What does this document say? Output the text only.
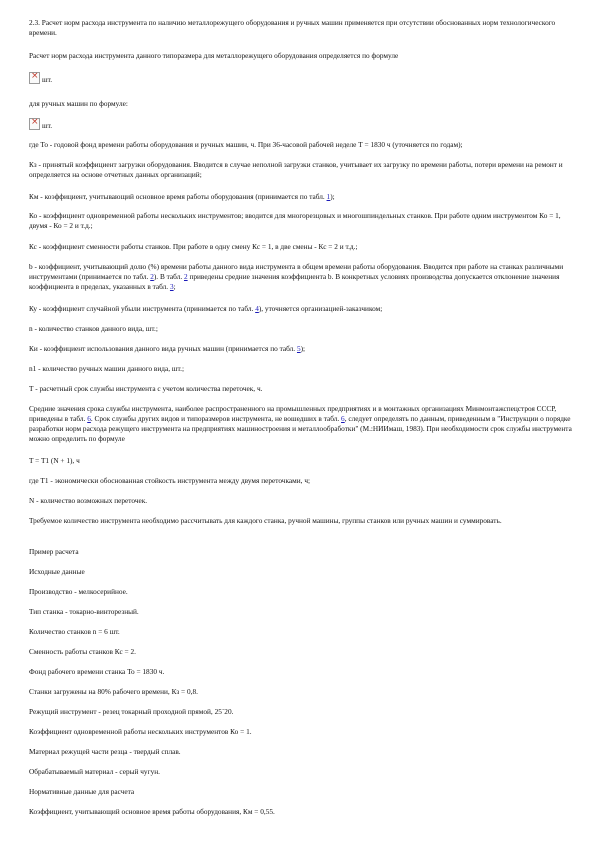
2.3. Расчет норм расхода инструмента по наличию металлорежущего оборудования и ручных машин применяется при отсутствии обоснованных норм технологического времени.

Расчет норм расхода инструмента данного типоразмера для металлорежущего оборудования определяется по формуле

×шт.

для ручных машин по формуле:

×шт.

где То - годовой фонд времени работы оборудования и ручных машин, ч. При 36-часовой рабочей неделе Т = 1830 ч (уточняется по годам);

Кз - принятый коэффициент загрузки оборудования. Вводится в случае неполной загрузки станков, учитывает их загрузку по времени работы, потери времени на ремонт и определяется на основе отчетных данных организаций;

Км - коэффициент, учитывающий основное время работы оборудования (принимается по табл. 1);

Ко - коэффициент одновременной работы нескольких инструментов; вводится для многорезцовых и многошпиндельных станков. При работе одним инструментом Ко = 1, двумя - Ко = 2 и т.д.;

Кс - коэффициент сменности работы станков. При работе в одну смену Кс = 1, в две смены - Кс = 2 и т.д.;

b - коэффициент, учитывающий долю (%) времени работы данного вида инструмента в общем времени работы оборудования. Вводится при работе на станках различными инструментами (принимается по табл. 2). В табл. 2 приведены средние значения коэффициента b. В конкретных условиях производства допускается отклонение значения коэффициента в пределах, указанных в табл. 3;

Ку - коэффициент случайной убыли инструмента (принимается по табл. 4), уточняется организацией-заказчиком;

n - количество станков данного вида, шт.;

Ки - коэффициент использования данного вида ручных машин (принимается по табл. 5);

n1 - количество ручных машин данного вида, шт.;

Т - расчетный срок службы инструмента с учетом количества переточек, ч.

Средние значения срока службы инструмента, наиболее распространенного на промышленных предприятиях и в монтажных организациях Минмонтажспецстроя СССР, приведены в табл. 6. Срок службы других видов и типоразмеров инструмента, не вошедших в табл. 6, следует определять по данным, приведенным в "Инструкции о порядке разработки норм расхода режущего инструмента на предприятиях машиностроения и металлообработки" (М.:НИИмаш, 1983). При необходимости срок службы инструмента можно определить по формуле

T = T1 (N + 1), ч

где Т1 - экономически обоснованная стойкость инструмента между двумя переточками, ч;

N - количество возможных переточек.

Требуемое количество инструмента необходимо рассчитывать для каждого станка, ручной машины, группы станков или ручных машин и суммировать.

Пример расчета

Исходные данные

Производство - мелкосерийное.

Тип станка - токарно-винторезный.

Количество станков n = 6 шт.

Сменность работы станков Кс = 2.

Фонд рабочего времени станка То = 1830 ч.

Станки загружены на 80% рабочего времени, Кз = 0,8.

Режущий инструмент - резец токарный проходной прямой, 25´20.

Коэффициент одновременной работы нескольких инструментов Ко = 1.

Материал режущей части резца - твердый сплав.

Обрабатываемый материал - серый чугун.

Нормативные данные для расчета

Коэффициент, учитывающий основное время работы оборудования, Км = 0,55.
